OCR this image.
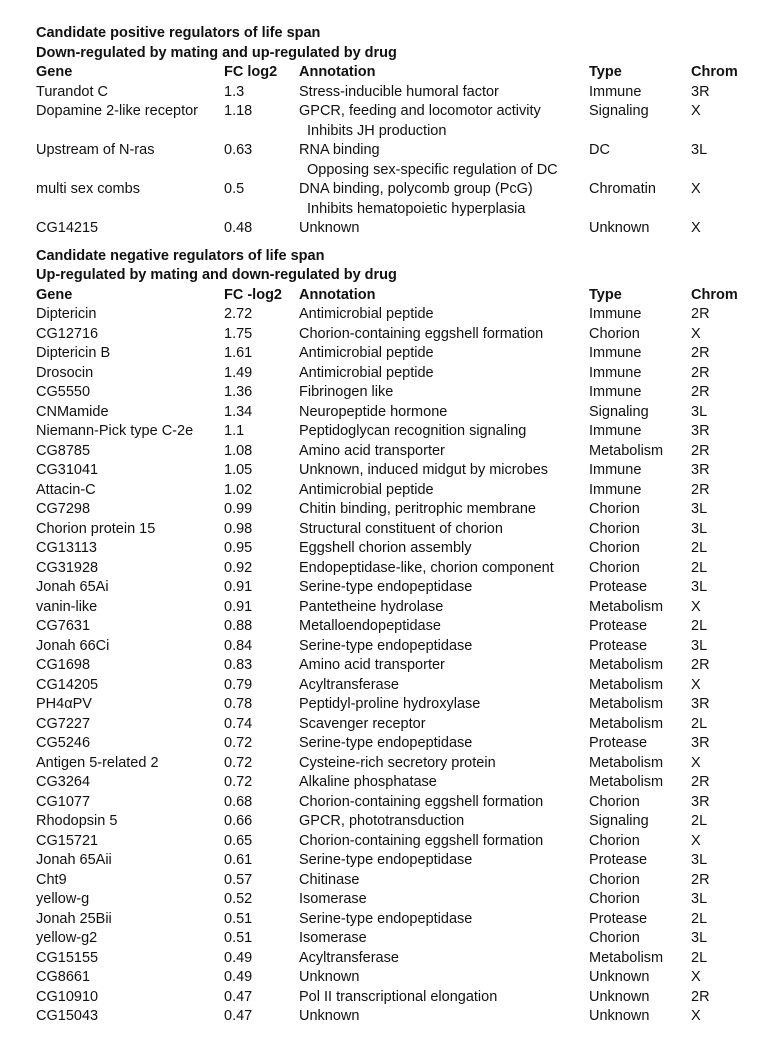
Candidate positive regulators of life span
Down-regulated by mating and up-regulated by drug
Gene	FC log2	Annotation	Type	Chrom
Turandot C	1.3	Stress-inducible humoral factor	Immune	3R
Dopamine 2-like receptor	1.18	GPCR, feeding and locomotor activity	Signaling	X
Inhibits JH production
Upstream of N-ras	0.63	RNA binding	DC	3L
Opposing sex-specific regulation of DC
multi sex combs	0.5	DNA binding, polycomb group (PcG)	Chromatin	X
Inhibits hematopoietic hyperplasia
CG14215	0.48	Unknown	Unknown	X
Candidate negative regulators of life span
Up-regulated by mating and down-regulated by drug
Gene	FC -log2	Annotation	Type	Chrom
Diptericin	2.72	Antimicrobial peptide	Immune	2R
CG12716	1.75	Chorion-containing eggshell formation	Chorion	X
Diptericin B	1.61	Antimicrobial peptide	Immune	2R
Drosocin	1.49	Antimicrobial peptide	Immune	2R
CG5550	1.36	Fibrinogen like	Immune	2R
CNMamide	1.34	Neuropeptide hormone	Signaling	3L
Niemann-Pick type C-2e	1.1	Peptidoglycan recognition signaling	Immune	3R
CG8785	1.08	Amino acid transporter	Metabolism	2R
CG31041	1.05	Unknown, induced midgut by microbes	Immune	3R
Attacin-C	1.02	Antimicrobial peptide	Immune	2R
CG7298	0.99	Chitin binding, peritrophic membrane	Chorion	3L
Chorion protein 15	0.98	Structural constituent of chorion	Chorion	3L
CG13113	0.95	Eggshell chorion assembly	Chorion	2L
CG31928	0.92	Endopeptidase-like, chorion component	Chorion	2L
Jonah 65Ai	0.91	Serine-type endopeptidase	Protease	3L
vanin-like	0.91	Pantetheine hydrolase	Metabolism	X
CG7631	0.88	Metalloendopeptidase	Protease	2L
Jonah 66Ci	0.84	Serine-type endopeptidase	Protease	3L
CG1698	0.83	Amino acid transporter	Metabolism	2R
CG14205	0.79	Acyltransferase	Metabolism	X
PH4αPV	0.78	Peptidyl-proline hydroxylase	Metabolism	3R
CG7227	0.74	Scavenger receptor	Metabolism	2L
CG5246	0.72	Serine-type endopeptidase	Protease	3R
Antigen 5-related 2	0.72	Cysteine-rich secretory protein	Metabolism	X
CG3264	0.72	Alkaline phosphatase	Metabolism	2R
CG1077	0.68	Chorion-containing eggshell formation	Chorion	3R
Rhodopsin 5	0.66	GPCR, phototransduction	Signaling	2L
CG15721	0.65	Chorion-containing eggshell formation	Chorion	X
Jonah 65Aii	0.61	Serine-type endopeptidase	Protease	3L
Cht9	0.57	Chitinase	Chorion	2R
yellow-g	0.52	Isomerase	Chorion	3L
Jonah 25Bii	0.51	Serine-type endopeptidase	Protease	2L
yellow-g2	0.51	Isomerase	Chorion	3L
CG15155	0.49	Acyltransferase	Metabolism	2L
CG8661	0.49	Unknown	Unknown	X
CG10910	0.47	Pol II transcriptional elongation	Unknown	2R
CG15043	0.47	Unknown	Unknown	X
